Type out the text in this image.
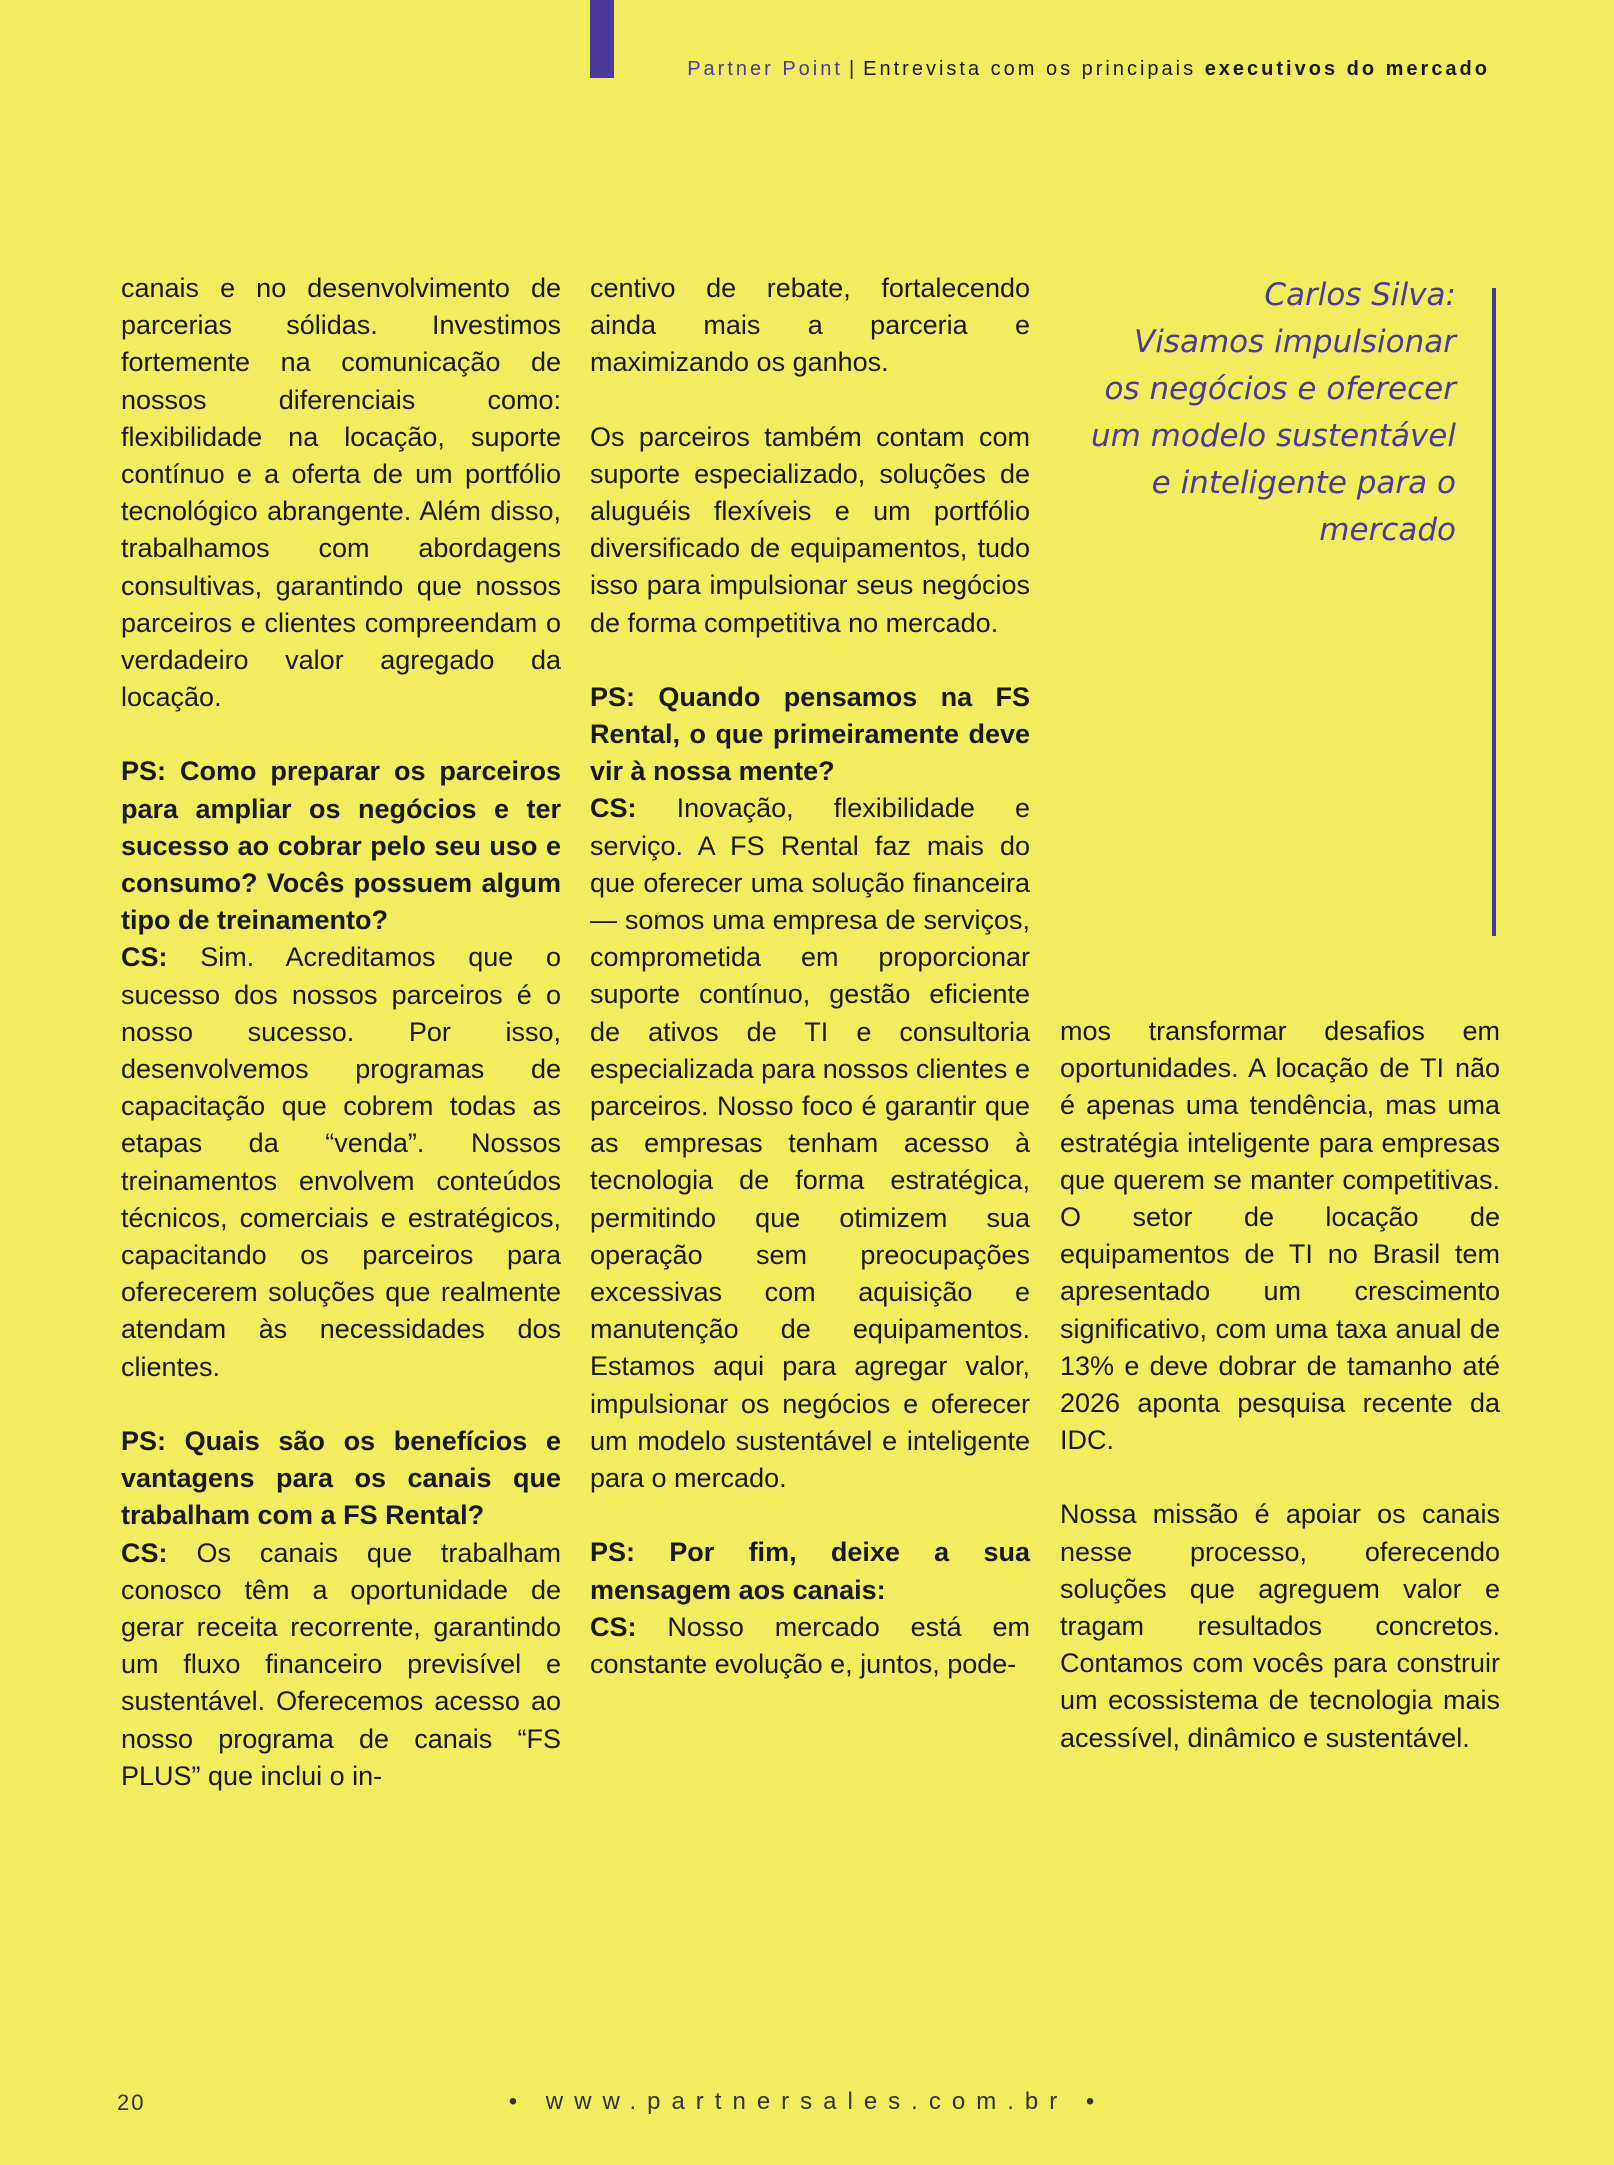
Partner Point | Entrevista com os principais executivos do mercado

canais e no desenvolvimento de parcerias sólidas. Investimos fortemente na comunicação de nossos diferenciais como: flexibilidade na locação, suporte contínuo e a oferta de um portfólio tecnológico abrangente. Além disso, trabalhamos com abordagens consultivas, garantindo que nossos parceiros e clientes compreendam o verdadeiro valor agregado da locação.

PS: Como preparar os parceiros para ampliar os negócios e ter sucesso ao cobrar pelo seu uso e consumo? Vocês possuem algum tipo de treinamento?

CS: Sim. Acreditamos que o sucesso dos nossos parceiros é o nosso sucesso. Por isso, desenvolvemos programas de capacitação que cobrem todas as etapas da “venda”. Nossos treinamentos envolvem conteúdos técnicos, comerciais e estratégicos, capacitando os parceiros para oferecerem soluções que realmente atendam às necessidades dos clientes.

PS: Quais são os benefícios e vantagens para os canais que trabalham com a FS Rental?

CS: Os canais que trabalham conosco têm a oportunidade de gerar receita recorrente, garantindo um fluxo financeiro previsível e sustentável. Oferecemos acesso ao nosso programa de canais “FS PLUS” que inclui o in-

centivo de rebate, fortalecendo ainda mais a parceria e maximizando os ganhos.

Os parceiros também contam com suporte especializado, soluções de aluguéis flexíveis e um portfólio diversificado de equipamentos, tudo isso para impulsionar seus negócios de forma competitiva no mercado.

PS: Quando pensamos na FS Rental, o que primeiramente deve vir à nossa mente?

CS: Inovação, flexibilidade e serviço. A FS Rental faz mais do que oferecer uma solução financeira — somos uma empresa de serviços, comprometida em proporcionar suporte contínuo, gestão eficiente de ativos de TI e consultoria especializada para nossos clientes e parceiros. Nosso foco é garantir que as empresas tenham acesso à tecnologia de forma estratégica, permitindo que otimizem sua operação sem preocupações excessivas com aquisição e manutenção de equipamentos. Estamos aqui para agregar valor, impulsionar os negócios e oferecer um modelo sustentável e inteligente para o mercado.

PS: Por fim, deixe a sua mensagem aos canais:

CS: Nosso mercado está em constante evolução e, juntos, pode-

mos transformar desafios em oportunidades. A locação de TI não é apenas uma tendência, mas uma estratégia inteligente para empresas que querem se manter competitivas. O setor de locação de equipamentos de TI no Brasil tem apresentado um crescimento significativo, com uma taxa anual de 13% e deve dobrar de tamanho até 2026 aponta pesquisa recente da IDC.

Nossa missão é apoiar os canais nesse processo, oferecendo soluções que agreguem valor e tragam resultados concretos. Contamos com vocês para construir um ecossistema de tecnologia mais acessível, dinâmico e sustentável.

Carlos Silva:
Visamos impulsionar os negócios e oferecer um modelo sustentável e inteligente para o mercado
20	• www.partnersales.com.br •
